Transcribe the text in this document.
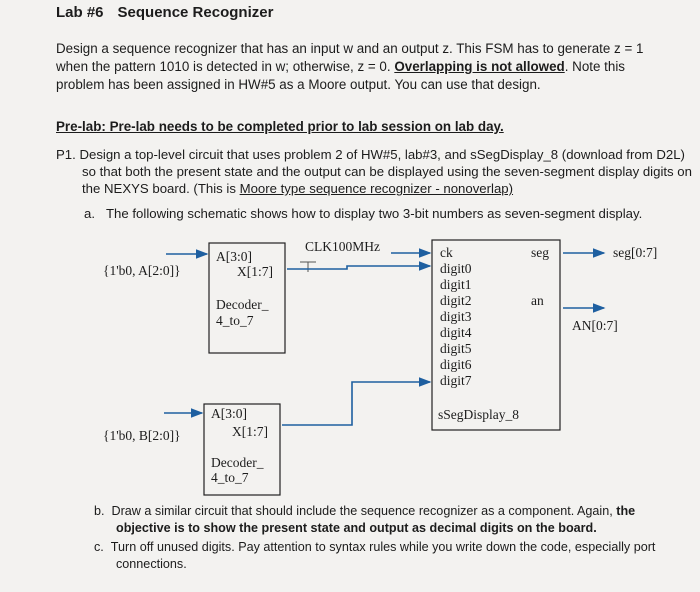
Lab #6 Sequence Recognizer
Design a sequence recognizer that has an input w and an output z. This FSM has to generate z = 1 when the pattern 1010 is detected in w; otherwise, z = 0. Overlapping is not allowed. Note this problem has been assigned in HW#5 as a Moore output. You can use that design.
Pre-lab: Pre-lab needs to be completed prior to lab session on lab day.
P1. Design a top-level circuit that uses problem 2 of HW#5, lab#3, and sSegDisplay_8 (download from D2L) so that both the present state and the output can be displayed using the seven-segment display digits on the NEXYS board. (This is Moore type sequence recognizer - nonoverlap)
a. The following schematic shows how to display two 3-bit numbers as seven-segment display.
A[3:0]
X[1:7]
Decoder_
4_to_7
{1'b0, A[2:0]}
A[3:0]
X[1:7]
Decoder_
4_to_7
{1'b0, B[2:0]}
ck
digit0
digit1
digit2
digit3
digit4
digit5
digit6
digit7
seg
an
sSegDisplay_8
CLK100MHz	seg[0:7]
AN[0:7]
b. Draw a similar circuit that should include the sequence recognizer as a component. Again, the objective is to show the present state and output as decimal digits on the board.
c. Turn off unused digits. Pay attention to syntax rules while you write down the code, especially port connections.
